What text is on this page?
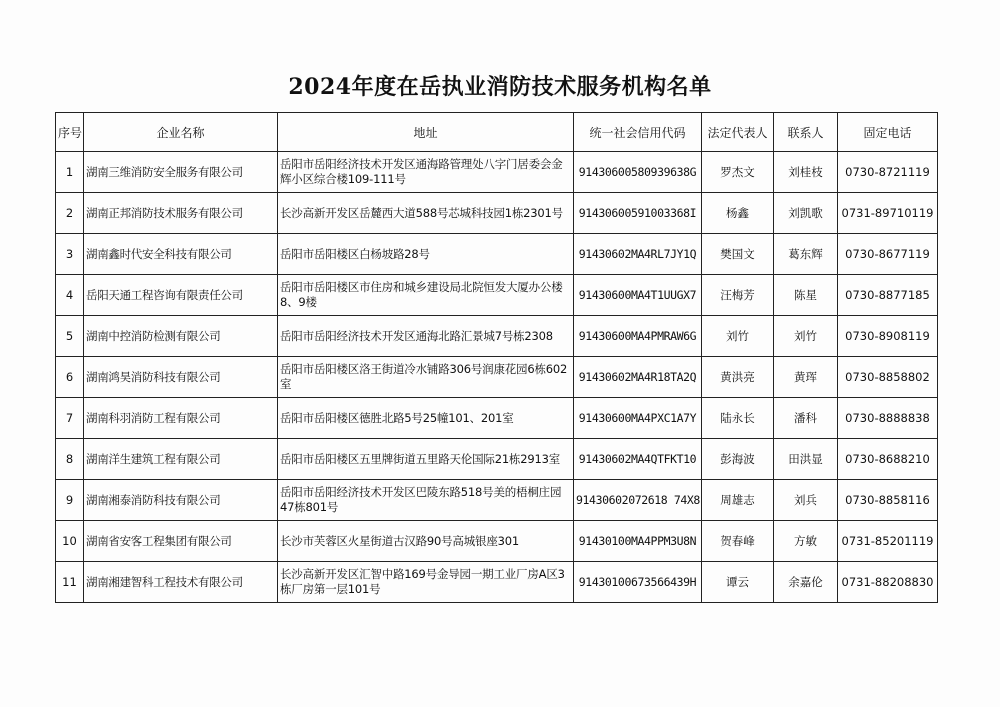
2024年度在岳执业消防技术服务机构名单
序号	企业名称	地址	统一社会信用代码	法定代表人	联系人	固定电话
1	湖南三维消防安全服务有限公司	岳阳市岳阳经济技术开发区通海路管理处八字门居委会金辉小区综合楼109-111号	91430600580939638G	罗杰文	刘桂枝	0730-8721119
2	湖南正邦消防技术服务有限公司	长沙高新开发区岳麓西大道588号芯城科技园1栋2301号	91430600591003368I	杨鑫	刘凯歌	0731-89710119
3	湖南鑫时代安全科技有限公司	岳阳市岳阳楼区白杨坡路28号	91430602MA4RL7JY1Q	樊国文	葛东辉	0730-8677119
4	岳阳天通工程咨询有限责任公司	岳阳市岳阳楼区市住房和城乡建设局北院恒发大厦办公楼8、9楼	91430600MA4T1UUGX7	汪梅芳	陈星	0730-8877185
5	湖南中控消防检测有限公司	岳阳市岳阳经济技术开发区通海北路汇景城7号栋2308	91430600MA4PMRAW6G	刘竹	刘竹	0730-8908119
6	湖南鸿昊消防科技有限公司	岳阳市岳阳楼区洛王街道冷水铺路306号润康花园6栋602室	91430602MA4R18TA2Q	黄洪亮	黄珲	0730-8858802
7	湖南科羽消防工程有限公司	岳阳市岳阳楼区德胜北路5号25幢101、201室	91430600MA4PXC1A7Y	陆永长	潘科	0730-8888838
8	湖南洋生建筑工程有限公司	岳阳市岳阳楼区五里牌街道五里路天伦国际21栋2913室	91430602MA4QTFKT10	彭海波	田洪显	0730-8688210
9	湖南湘泰消防科技有限公司	岳阳市岳阳经济技术开发区巴陵东路518号美的梧桐庄园47栋801号	91430602072618 74X8	周雄志	刘兵	0730-8858116
10	湖南省安客工程集团有限公司	长沙市芙蓉区火星街道古汉路90号高城银座301	91430100MA4PPM3U8N	贺春峰	方敏	0731-85201119
11	湖南湘建智科工程技术有限公司	长沙高新开发区汇智中路169号金导园一期工业厂房A区3栋厂房第一层101号	91430100673566439H	谭云	余嘉伦	0731-88208830
